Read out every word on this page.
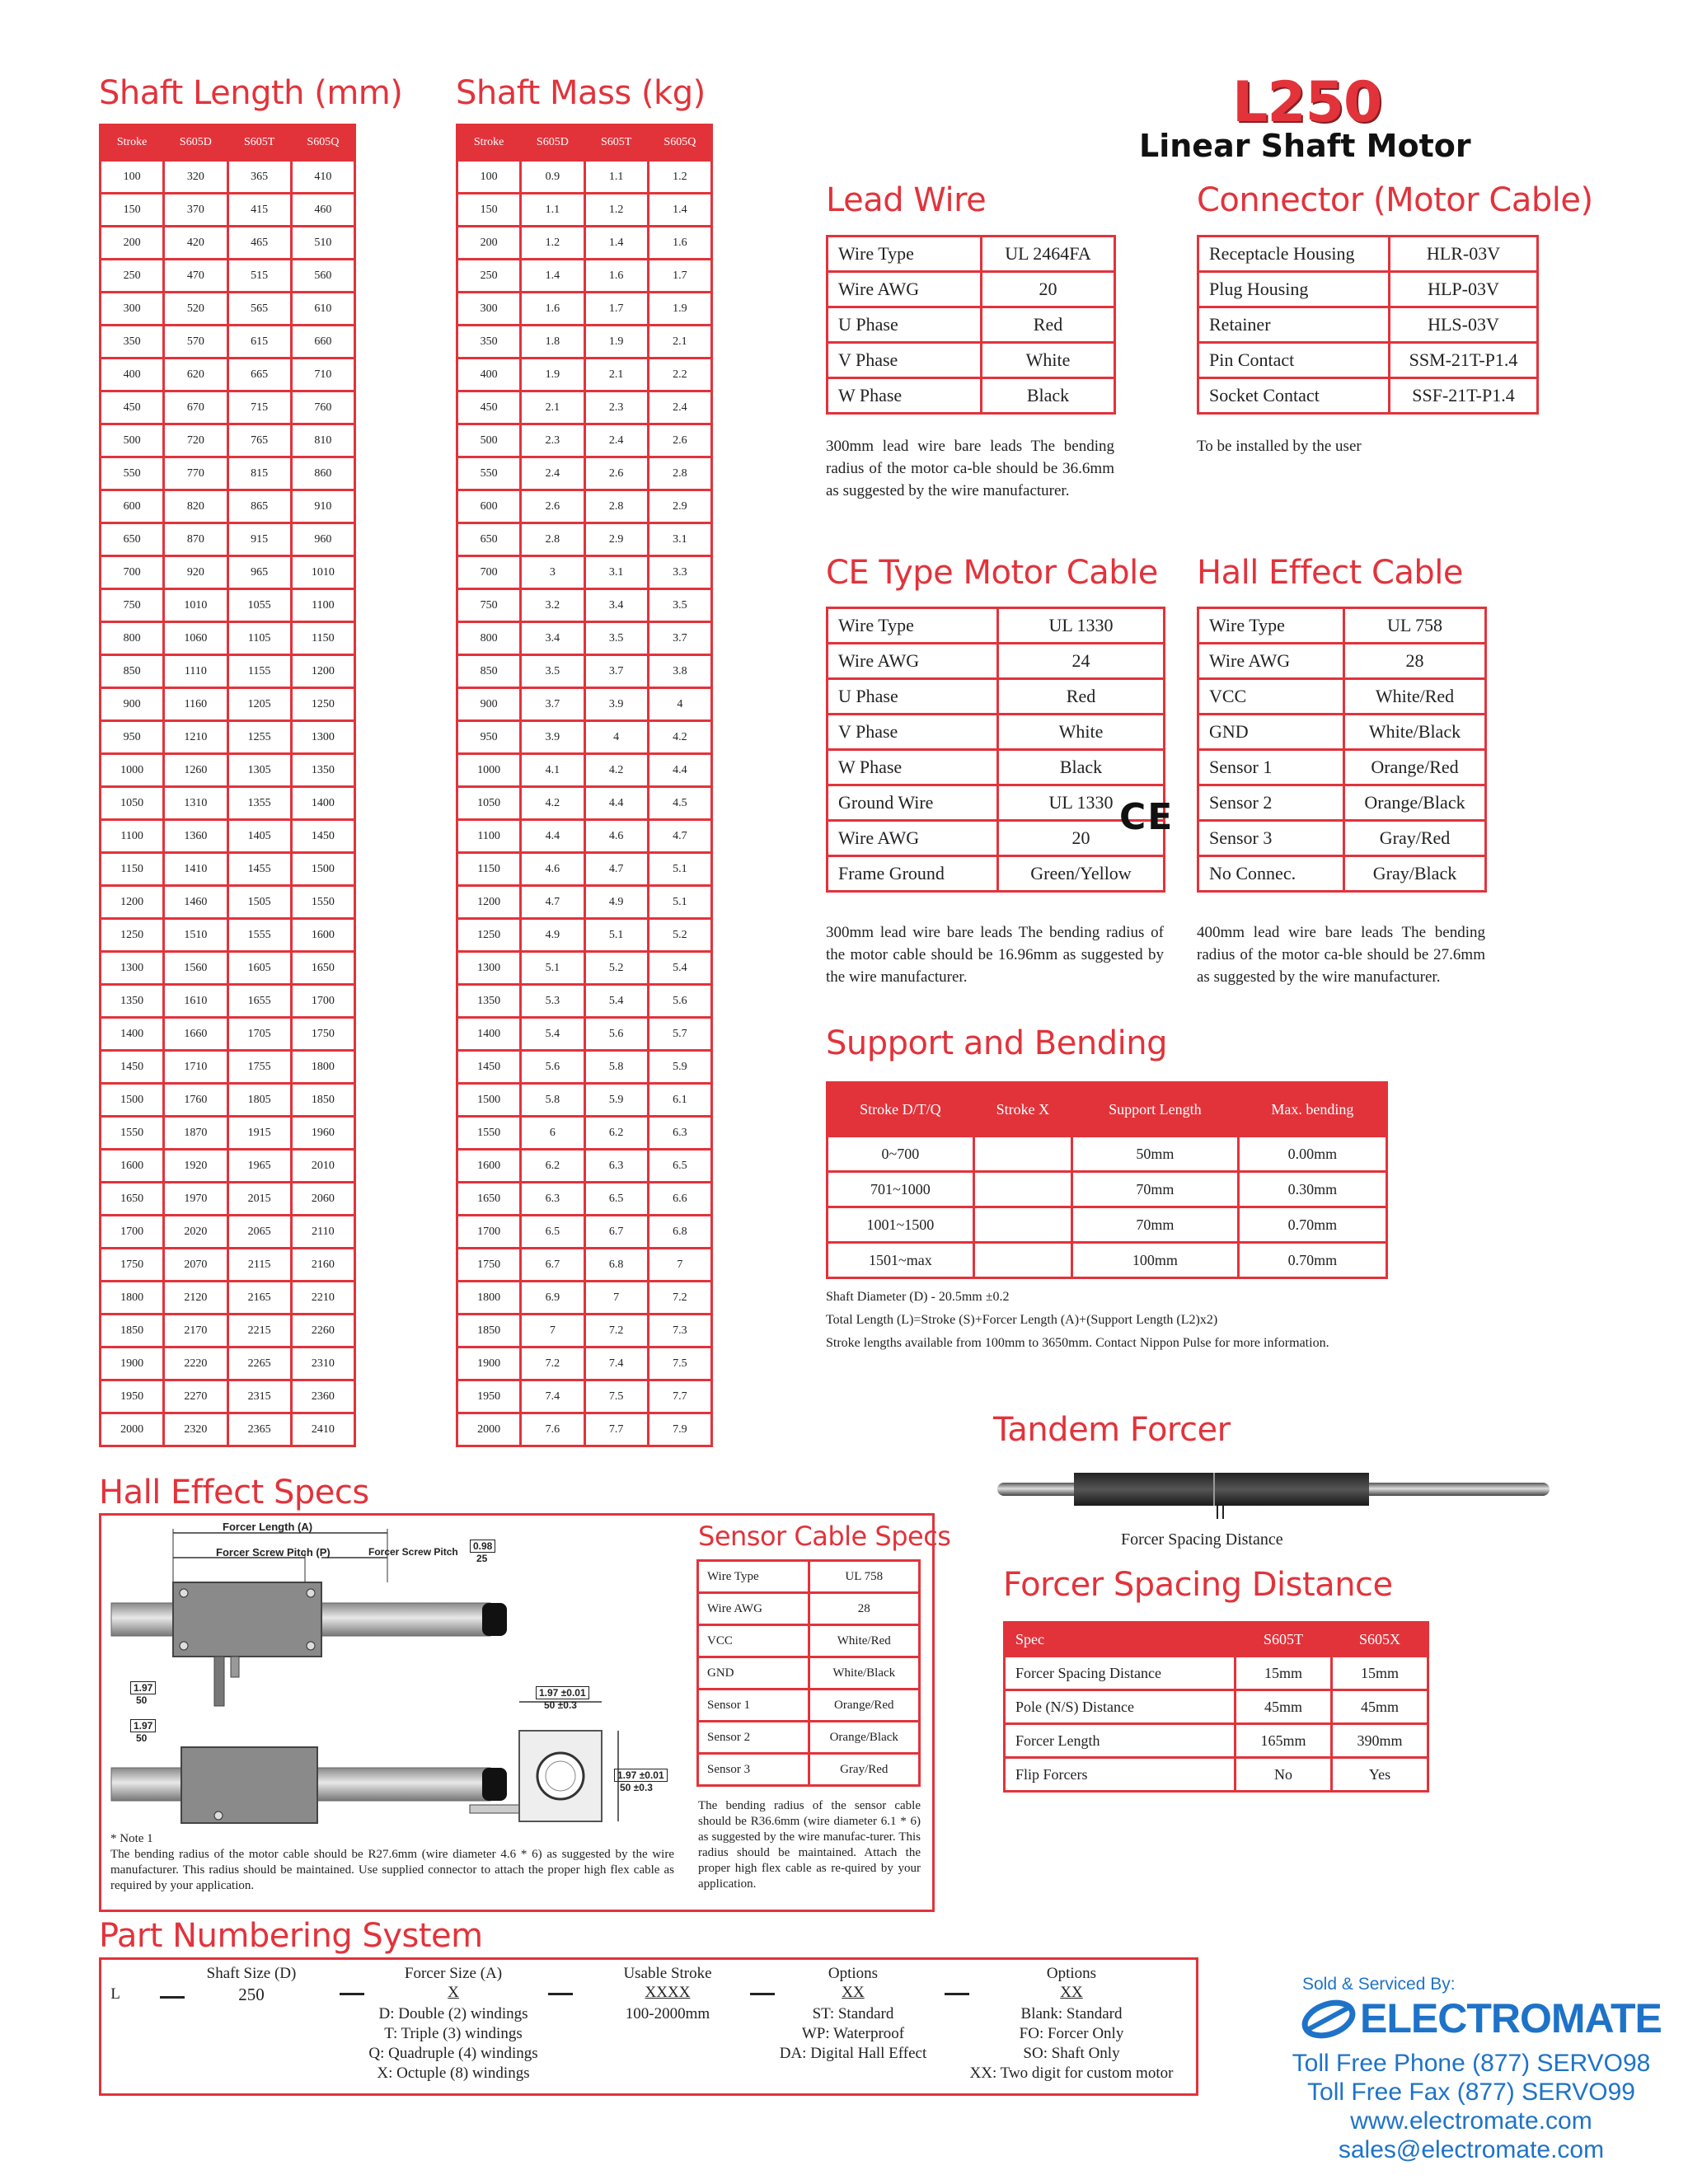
Shaft Length (mm)
Stroke	S605D	S605T	S605Q
100	320	365	410
150	370	415	460
200	420	465	510
250	470	515	560
300	520	565	610
350	570	615	660
400	620	665	710
450	670	715	760
500	720	765	810
550	770	815	860
600	820	865	910
650	870	915	960
700	920	965	1010
750	1010	1055	1100
800	1060	1105	1150
850	1110	1155	1200
900	1160	1205	1250
950	1210	1255	1300
1000	1260	1305	1350
1050	1310	1355	1400
1100	1360	1405	1450
1150	1410	1455	1500
1200	1460	1505	1550
1250	1510	1555	1600
1300	1560	1605	1650
1350	1610	1655	1700
1400	1660	1705	1750
1450	1710	1755	1800
1500	1760	1805	1850
1550	1870	1915	1960
1600	1920	1965	2010
1650	1970	2015	2060
1700	2020	2065	2110
1750	2070	2115	2160
1800	2120	2165	2210
1850	2170	2215	2260
1900	2220	2265	2310
1950	2270	2315	2360
2000	2320	2365	2410
Shaft Mass (kg)
Stroke	S605D	S605T	S605Q
100	0.9	1.1	1.2
150	1.1	1.2	1.4
200	1.2	1.4	1.6
250	1.4	1.6	1.7
300	1.6	1.7	1.9
350	1.8	1.9	2.1
400	1.9	2.1	2.2
450	2.1	2.3	2.4
500	2.3	2.4	2.6
550	2.4	2.6	2.8
600	2.6	2.8	2.9
650	2.8	2.9	3.1
700	3	3.1	3.3
750	3.2	3.4	3.5
800	3.4	3.5	3.7
850	3.5	3.7	3.8
900	3.7	3.9	4
950	3.9	4	4.2
1000	4.1	4.2	4.4
1050	4.2	4.4	4.5
1100	4.4	4.6	4.7
1150	4.6	4.7	5.1
1200	4.7	4.9	5.1
1250	4.9	5.1	5.2
1300	5.1	5.2	5.4
1350	5.3	5.4	5.6
1400	5.4	5.6	5.7
1450	5.6	5.8	5.9
1500	5.8	5.9	6.1
1550	6	6.2	6.3
1600	6.2	6.3	6.5
1650	6.3	6.5	6.6
1700	6.5	6.7	6.8
1750	6.7	6.8	7
1800	6.9	7	7.2
1850	7	7.2	7.3
1900	7.2	7.4	7.5
1950	7.4	7.5	7.7
2000	7.6	7.7	7.9
L250
Linear Shaft Motor
Lead Wire
Wire Type	UL 2464FA
Wire AWG	20
U Phase	Red
V Phase	White
W Phase	Black
300mm lead wire bare leads The bending radius of the motor ca-ble should be 36.6mm as suggested by the wire manufacturer.
Connector (Motor Cable)
Receptacle Housing	HLR-03V
Plug Housing	HLP-03V
Retainer	HLS-03V
Pin Contact	SSM-21T-P1.4
Socket Contact	SSF-21T-P1.4
To be installed by the user
CE Type Motor Cable
Wire Type	UL 1330
Wire AWG	24
U Phase	Red
V Phase	White
W Phase	Black
Ground Wire	UL 1330
Wire AWG	20
Frame Ground	Green/Yellow
CE
300mm lead wire bare leads The bending radius of the motor cable should be 16.96mm as suggested by the wire manufacturer.
Hall Effect Cable
Wire Type	UL 758
Wire AWG	28
VCC	White/Red
GND	White/Black
Sensor 1	Orange/Red
Sensor 2	Orange/Black
Sensor 3	Gray/Red
No Connec.	Gray/Black
400mm lead wire bare leads The bending radius of the motor ca-ble should be 27.6mm as suggested by the wire manufacturer.
Support and Bending
Stroke D/T/Q	Stroke X	Support Length	Max. bending
0~700		50mm	0.00mm
701~1000		70mm	0.30mm
1001~1500		70mm	0.70mm
1501~max		100mm	0.70mm
Shaft Diameter (D) - 20.5mm ±0.2
Total Length (L)=Stroke (S)+Forcer Length (A)+(Support Length (L2)x2)
Stroke lengths available from 100mm to 3650mm. Contact Nippon Pulse for more information.
Tandem Forcer
Forcer Spacing Distance
Forcer Spacing Distance
Spec	S605T	S605X
Forcer Spacing Distance	15mm	15mm
Pole (N/S) Distance	45mm	45mm
Forcer Length	165mm	390mm
Flip Forcers	No	Yes
Hall Effect Specs
Forcer Length (A)
Forcer Screw Pitch (P)	Forcer Screw Pitch	0.98
25
1.97
50
1.97
50
1.97 ±0.01
50 ±0.3
1.97 ±0.01
50 ±0.3
* Note 1
The bending radius of the motor cable should be R27.6mm (wire diameter 4.6 * 6) as suggested by the wire manufacturer. This radius should be maintained. Use supplied connector to attach the proper high flex cable as required by your application.
Sensor Cable Specs
Wire Type	UL 758
Wire AWG	28
VCC	White/Red
GND	White/Black
Sensor 1	Orange/Red
Sensor 2	Orange/Black
Sensor 3	Gray/Red
The bending radius of the sensor cable should be R36.6mm (wire diameter 6.1 * 6) as suggested by the wire manufac-turer. This radius should be maintained. Attach the proper high flex cable as re-quired by your application.
Part Numbering System
L
Shaft Size (D)
250
Forcer Size (A)
X
D: Double (2) windings
T: Triple (3) windings
Q: Quadruple (4) windings
X: Octuple (8) windings
Usable Stroke
XXXX
100-2000mm
Options
XX
ST: Standard
WP: Waterproof
DA: Digital Hall Effect
Options
XX
Blank: Standard
FO: Forcer Only
SO: Shaft Only
XX: Two digit for custom motor
Sold & Serviced By:
ELECTROMATE
Toll Free Phone (877) SERVO98
Toll Free Fax (877) SERVO99
www.electromate.com
sales@electromate.com
